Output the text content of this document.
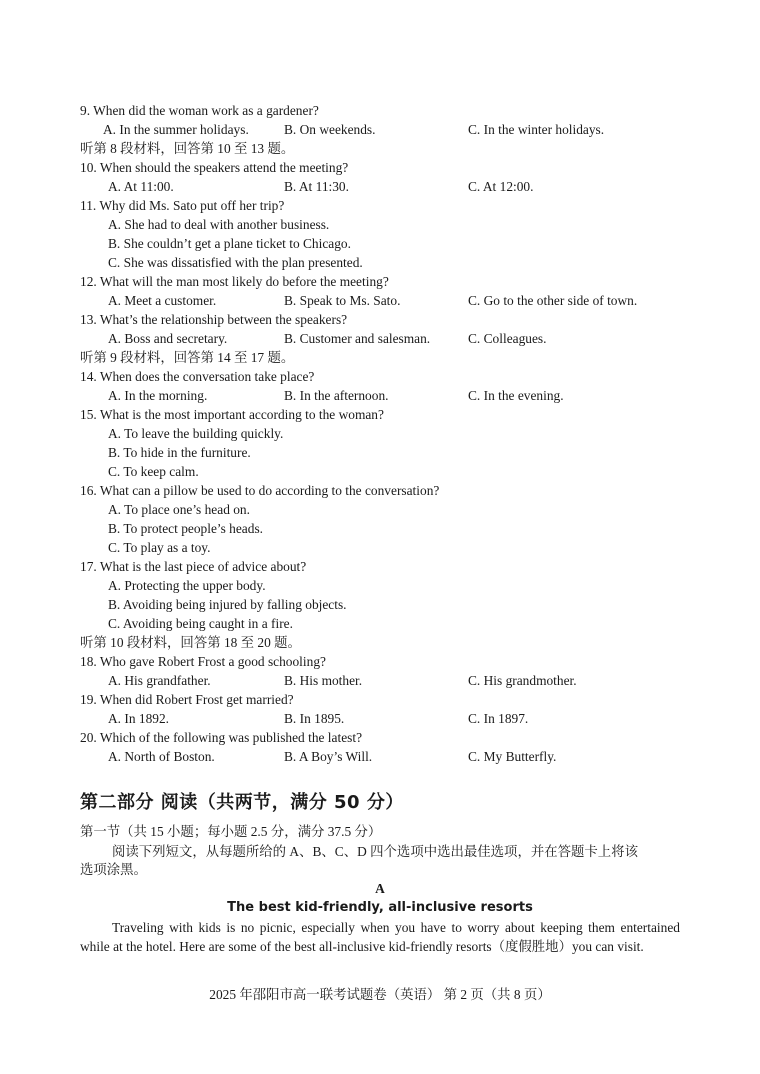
9. When did the woman work as a gardener?
A. In the summer holidays.	B. On weekends.	C. In the winter holidays.
听第 8 段材料，回答第 10 至 13 题。
10. When should the speakers attend the meeting?
A. At 11:00.	B. At 11:30.	C. At 12:00.
11. Why did Ms. Sato put off her trip?
A. She had to deal with another business.
B. She couldn’t get a plane ticket to Chicago.
C. She was dissatisfied with the plan presented.
12. What will the man most likely do before the meeting?
A. Meet a customer.	B. Speak to Ms. Sato.	C. Go to the other side of town.
13. What’s the relationship between the speakers?
A. Boss and secretary.	B. Customer and salesman.	C. Colleagues.
听第 9 段材料，回答第 14 至 17 题。
14. When does the conversation take place?
A. In the morning.	B. In the afternoon.	C. In the evening.
15. What is the most important according to the woman?
A. To leave the building quickly.
B. To hide in the furniture.
C. To keep calm.
16. What can a pillow be used to do according to the conversation?
A. To place one’s head on.
B. To protect people’s heads.
C. To play as a toy.
17. What is the last piece of advice about?
A. Protecting the upper body.
B. Avoiding being injured by falling objects.
C. Avoiding being caught in a fire.
听第 10 段材料，回答第 18 至 20 题。
18. Who gave Robert Frost a good schooling?
A. His grandfather.	B. His mother.	C. His grandmother.
19. When did Robert Frost get married?
A. In 1892.	B. In 1895.	C. In 1897.
20. Which of the following was published the latest?
A. North of Boston.	B. A Boy’s Will.	C. My Butterfly.
第二部分 阅读（共两节，满分 50 分）
第一节（共 15 小题；每小题 2.5 分，满分 37.5 分）
阅读下列短文，从每题所给的 A、B、C、D 四个选项中选出最佳选项，并在答题卡上将该
选项涂黑。
A
The best kid-friendly, all-inclusive resorts
Traveling with kids is no picnic, especially when you have to worry about keeping them entertained while at the hotel. Here are some of the best all-inclusive kid-friendly resorts（度假胜地）you can visit.
2025 年邵阳市高一联考试题卷（英语） 第 2 页（共 8 页）
